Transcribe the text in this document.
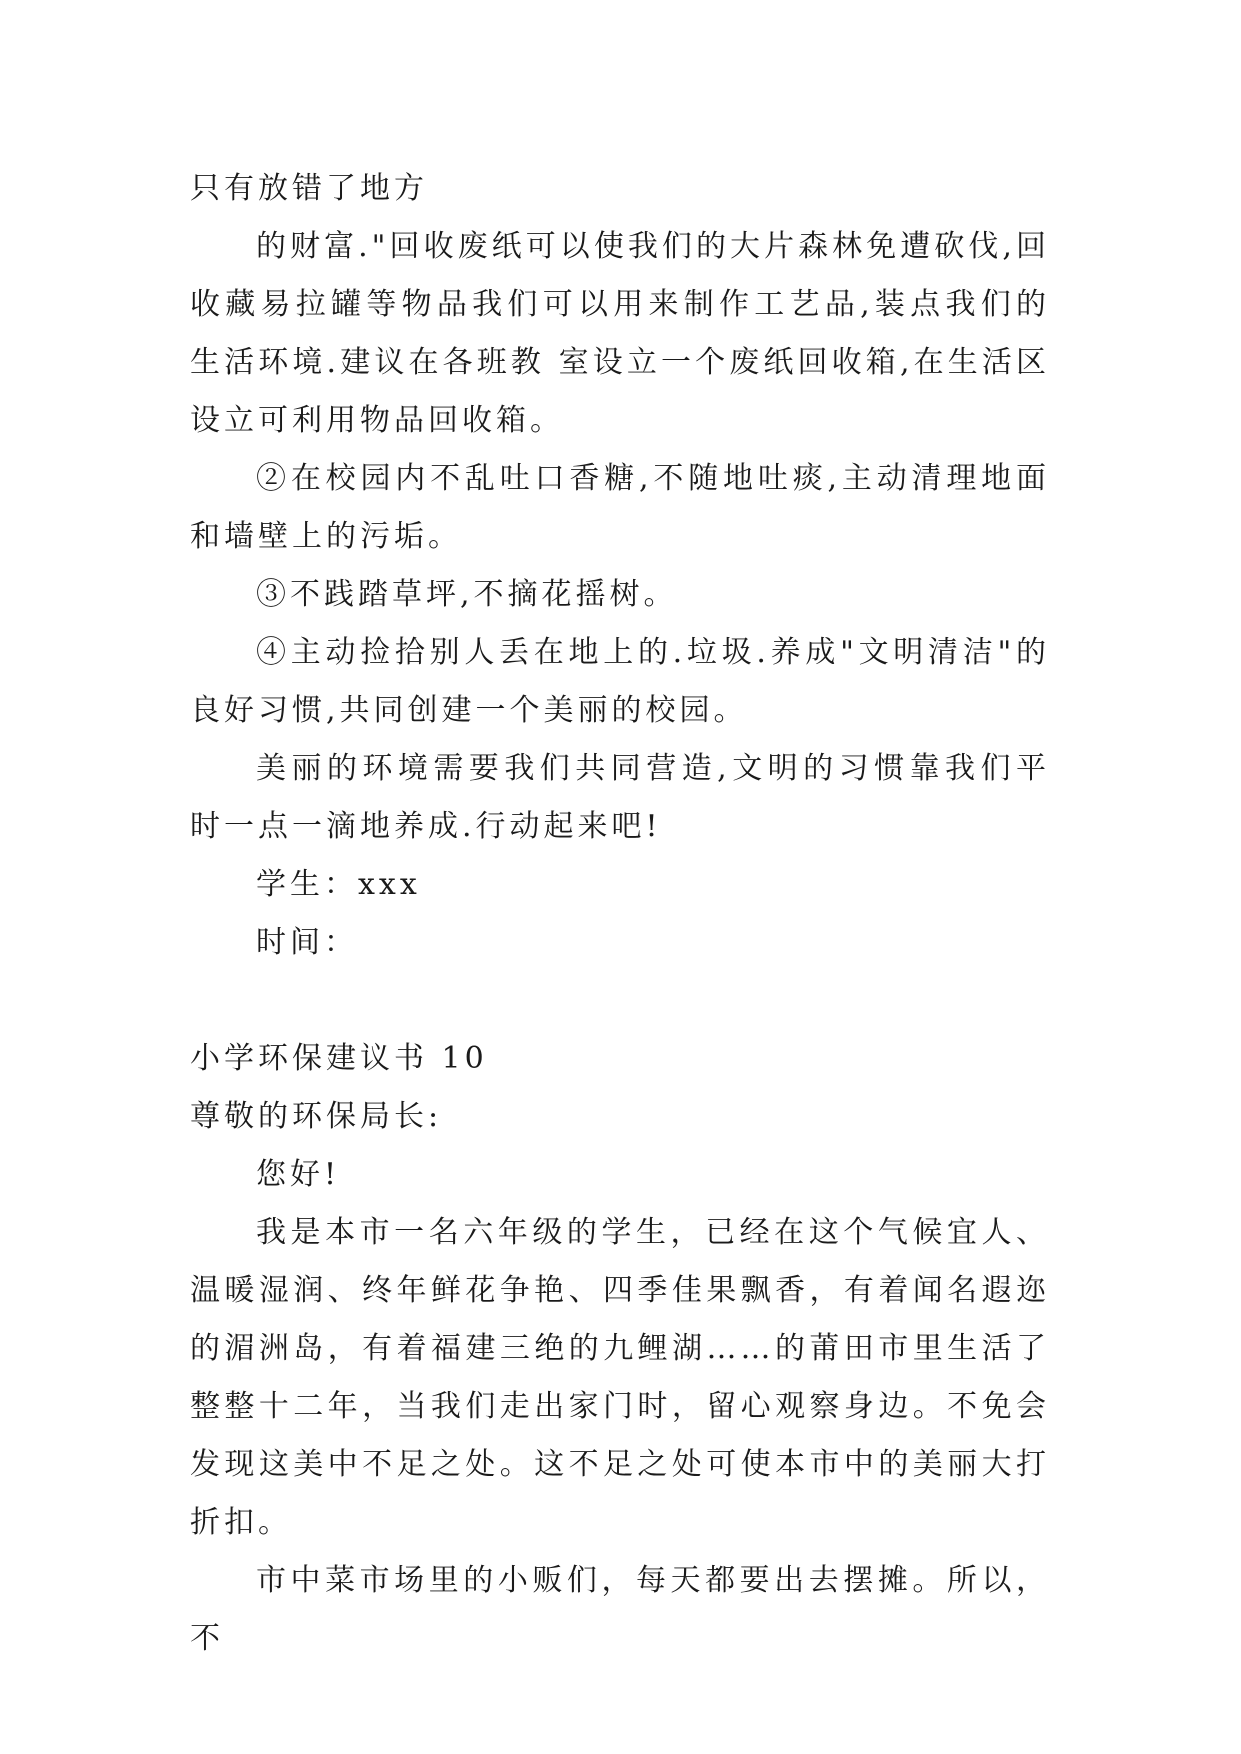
只有放错了地方
的财富."回收废纸可以使我们的大片森林免遭砍伐,回收藏易拉罐等物品我们可以用来制作工艺品,装点我们的生活环境.建议在各班教 室设立一个废纸回收箱,在生活区设立可利用物品回收箱。
②在校园内不乱吐口香糖,不随地吐痰,主动清理地面和墙壁上的污垢。
③不践踏草坪,不摘花摇树。
④主动捡拾别人丢在地上的.垃圾.养成"文明清洁"的良好习惯,共同创建一个美丽的校园。
美丽的环境需要我们共同营造,文明的习惯靠我们平时一点一滴地养成.行动起来吧!
学生：xxx
时间：
小学环保建议书 10
尊敬的环保局长:
您好!
我是本市一名六年级的学生，已经在这个气候宜人、温暖湿润、终年鲜花争艳、四季佳果飘香，有着闻名遐迩的湄洲岛，有着福建三绝的九鲤湖……的莆田市里生活了整整十二年，当我们走出家门时，留心观察身边。不免会发现这美中不足之处。这不足之处可使本市中的美丽大打折扣。
市中菜市场里的小贩们，每天都要出去摆摊。所以，不
